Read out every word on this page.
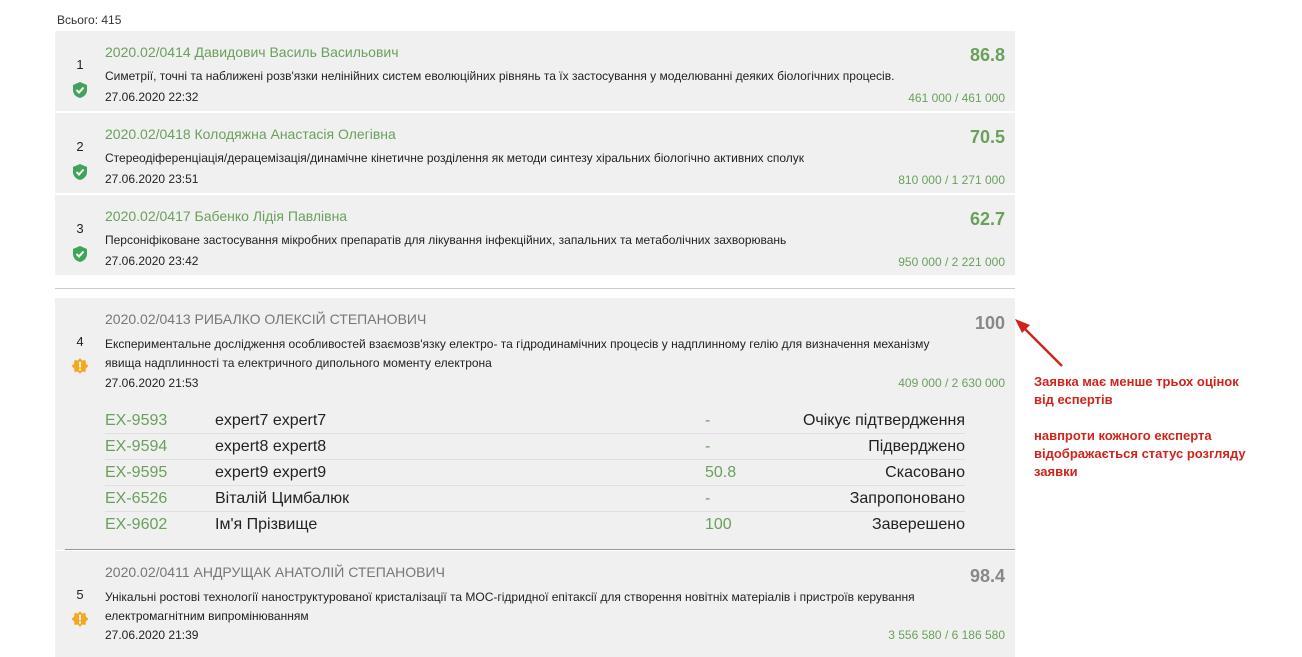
Всього: 415
1
2020.02/0414 Давидович Василь Васильович	86.8
Симетрії, точні та наближені розв'язки нелінійних систем еволюційних рівнянь та їх застосування у моделюванні деяких біологічних процесів.
27.06.2020 22:32	461 000 / 461 000
2
2020.02/0418 Колодяжна Анастасія Олегівна	70.5
Стереодіференціація/дерацемізація/динамічне кінетичне розділення як методи синтезу хіральних біологічно активних сполук
27.06.2020 23:51	810 000 / 1 271 000
3
2020.02/0417 Бабенко Лідія Павлівна	62.7
Персоніфіковане застосування мікробних препаратів для лікування інфекційних, запальних та метаболічних захворювань
27.06.2020 23:42	950 000 / 2 221 000
4
2020.02/0413 РИБАЛКО ОЛЕКСІЙ СТЕПАНОВИЧ	100
Експериментальне дослідження особливостей взаємозв'язку електро- та гідродинамічних процесів у надплинному гелію для визначення механізму явища надплинності та електричного дипольного моменту електрона
27.06.2020 21:53	409 000 / 2 630 000
EX-9593	expert7 expert7	-	Очікує підтвердження
EX-9594	expert8 expert8	-	Підверджено
EX-9595	expert9 expert9	50.8	Скасовано
EX-6526	Віталій Цимбалюк	-	Запропоновано
EX-9602	Ім'я Прізвище	100	Заверешено
5
2020.02/0411 АНДРУЩАК АНАТОЛІЙ СТЕПАНОВИЧ	98.4
Унікальні ростові технології наноструктурованої кристалізації та МОС-гідридної епітаксії для створення новітніх матеріалів і пристроїв керування електромагнітним випромінюванням
27.06.2020 21:39	3 556 580 / 6 186 580
Заявка має менше трьох оцінок
від еспертів
навпроти кожного експерта
відображається статус розгляду
заявки
